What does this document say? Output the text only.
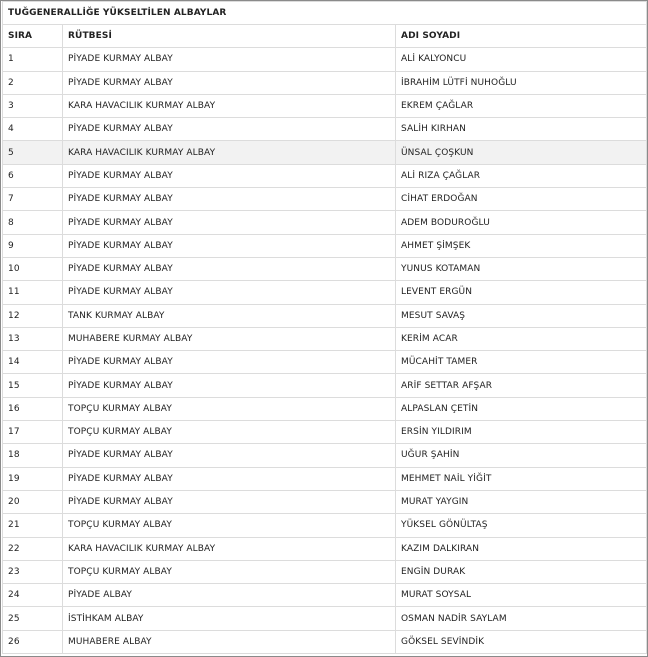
TUĞGENERALLİĞE YÜKSELTİLEN ALBAYLAR		
SIRA	RÜTBESİ	ADI SOYADI
1	PİYADE KURMAY ALBAY	ALİ KALYONCU
2	PİYADE KURMAY ALBAY	İBRAHİM LÜTFİ NUHOĞLU
3	KARA HAVACILIK KURMAY ALBAY	EKREM ÇAĞLAR
4	PİYADE KURMAY ALBAY	SALİH KIRHAN
5	KARA HAVACILIK KURMAY ALBAY	ÜNSAL ÇOŞKUN
6	PİYADE KURMAY ALBAY	ALİ RIZA ÇAĞLAR
7	PİYADE KURMAY ALBAY	CİHAT ERDOĞAN
8	PİYADE KURMAY ALBAY	ADEM BODUROĞLU
9	PİYADE KURMAY ALBAY	AHMET ŞİMŞEK
10	PİYADE KURMAY ALBAY	YUNUS KOTAMAN
11	PİYADE KURMAY ALBAY	LEVENT ERGÜN
12	TANK KURMAY ALBAY	MESUT SAVAŞ
13	MUHABERE KURMAY ALBAY	KERİM ACAR
14	PİYADE KURMAY ALBAY	MÜCAHİT TAMER
15	PİYADE KURMAY ALBAY	ARİF SETTAR AFŞAR
16	TOPÇU KURMAY ALBAY	ALPASLAN ÇETİN
17	TOPÇU KURMAY ALBAY	ERSİN YILDIRIM
18	PİYADE KURMAY ALBAY	UĞUR ŞAHİN
19	PİYADE KURMAY ALBAY	MEHMET NAİL YİĞİT
20	PİYADE KURMAY ALBAY	MURAT YAYGIN
21	TOPÇU KURMAY ALBAY	YÜKSEL GÖNÜLTAŞ
22	KARA HAVACILIK KURMAY ALBAY	KAZIM DALKIRAN
23	TOPÇU KURMAY ALBAY	ENGİN DURAK
24	PİYADE ALBAY	MURAT SOYSAL
25	İSTİHKAM ALBAY	OSMAN NADİR SAYLAM
26	MUHABERE ALBAY	GÖKSEL SEVİNDİK
